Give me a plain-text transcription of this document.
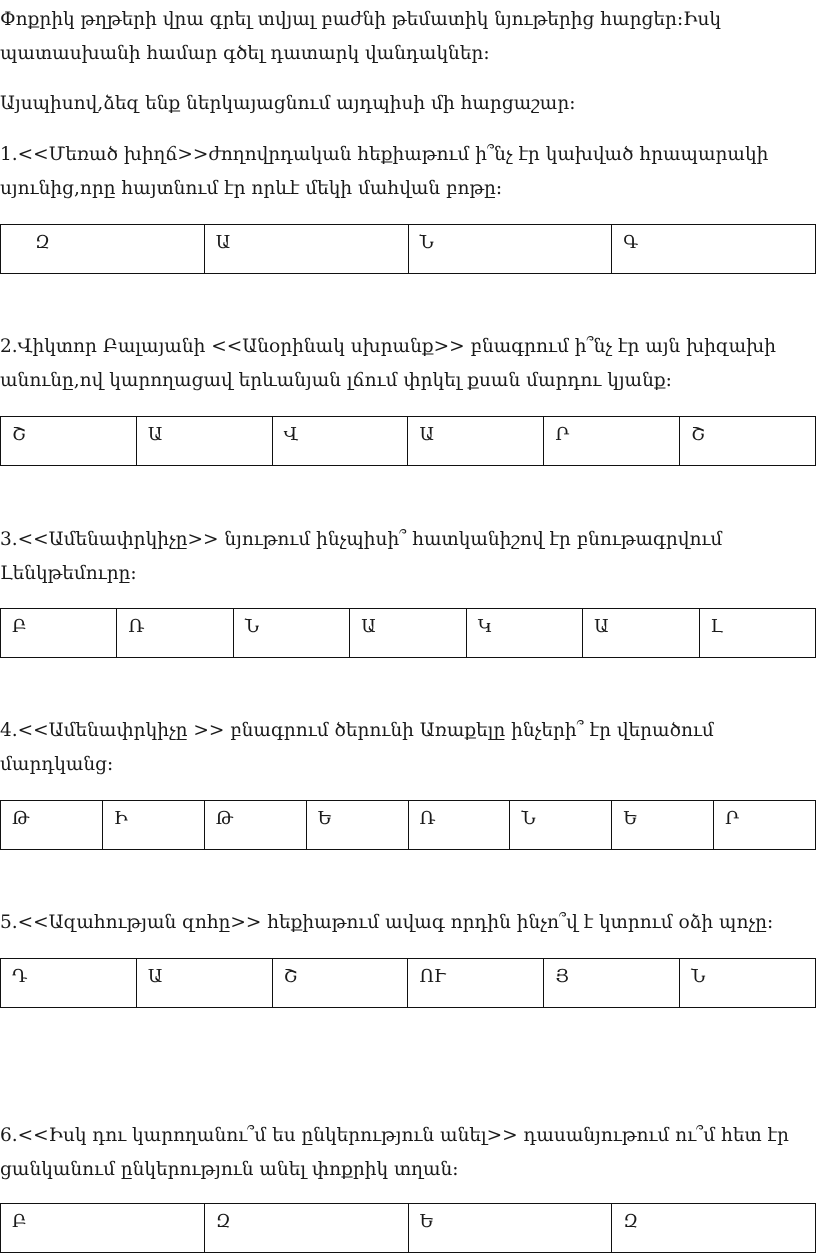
Փոքրիկ թղթերի վրա գրել տվյալ բաժնի թեմատիկ նյութերից հարցեր:Իսկ պատասխանի համար գծել դատարկ վանդակներ:

Այսպիսով,ձեզ ենք ներկայացնում այդպիսի մի հարցաշար:

1.<<Մեռած խիղճ>>ժողովրդական հեքիաթում ի՞նչ էր կախված հրապարակի սյունից,որը հայտնում էր որևէ մեկի մահվան բոթը:

Զ	Ա	Ն	Գ

2.Վիկտոր Բալայանի <<Անօրինակ սխրանք>> բնագրում ի՞նչ էր այն խիզախի անունը,ով կարողացավ երևանյան լճում փրկել քսան մարդու կյանք:

Շ	Ա	Վ	Ա	Ր	Շ

3.<<Ամենափրկիչը>> նյութում ինչպիսի՞ հատկանիշով էր բնութագրվում Լենկթեմուրը:

Բ	Ռ	Ն	Ա	Կ	Ա	Լ

4.<<Ամենափրկիչը >> բնագրում ծերունի Առաքելը ինչերի՞ էր վերածում մարդկանց:

Թ	Ի	Թ	Ե	Ռ	Ն	Ե	Ր

5.<<Ազահության զոհը>> հեքիաթում ավագ որդին ինչո՞վ է կտրում օձի պոչը:

Դ	Ա	Շ	ՈՒ	Յ	Ն

6.<<Իսկ դու կարողանու՞մ ես ընկերություն անել>> դասանյութում ու՞մ հետ էր ցանկանում ընկերություն անել փոքրիկ տղան:

Բ	Զ	Ե	Զ
